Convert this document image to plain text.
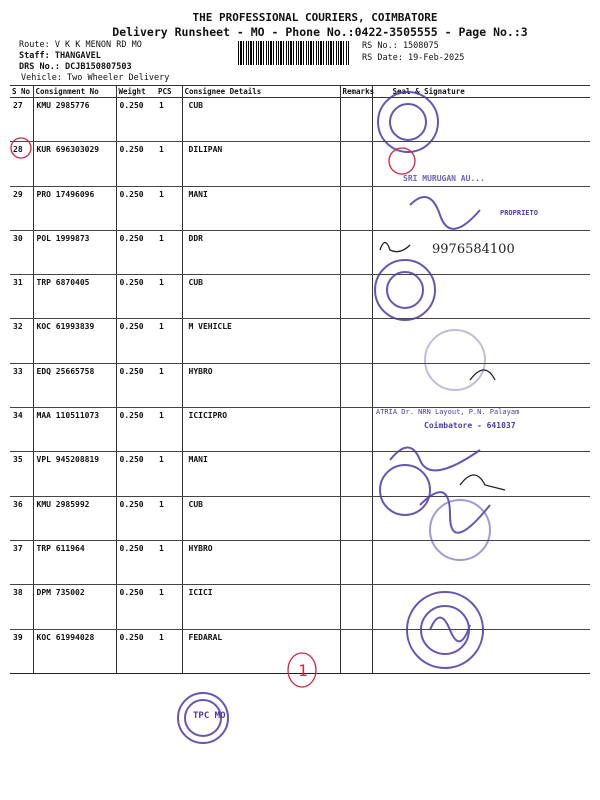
THE PROFESSIONAL COURIERS, COIMBATORE
Delivery Runsheet - MO - Phone No.:0422-3505555 - Page No.:3
Route: V K K MENON RD MO
Staff: THANGAVEL
DRS No.: DCJB150807503
Vehicle: Two Wheeler Delivery
RS No.: 1508075
RS Date: 19-Feb-2025
S No	Consignment No	Weight	PCS	Consignee Details	Remarks	Seal & Signature
27	KMU 2985776	0.250	1	CUB		
28	KUR 696303029	0.250	1	DILIPAN		
29	PRO 17496096	0.250	1	MANI		
30	POL 1999873	0.250	1	DDR		
31	TRP 6870405	0.250	1	CUB		
32	KOC 61993839	0.250	1	M VEHICLE		
33	EDQ 25665758	0.250	1	HYBRO		
34	MAA 110511073	0.250	1	ICICIPRO		
35	VPL 945208819	0.250	1	MANI		
36	KMU 2985992	0.250	1	CUB		
37	TRP 611964	0.250	1	HYBRO		
38	DPM 735002	0.250	1	ICICI		
39	KOC 61994028	0.250	1	FEDARAL		
1
9976584100
TPC MO
SRI MURUGAN AU...
PROPRIETO
ATRIA Dr. NRN Layout, P.N. Palayam
Coimbatore - 641037
